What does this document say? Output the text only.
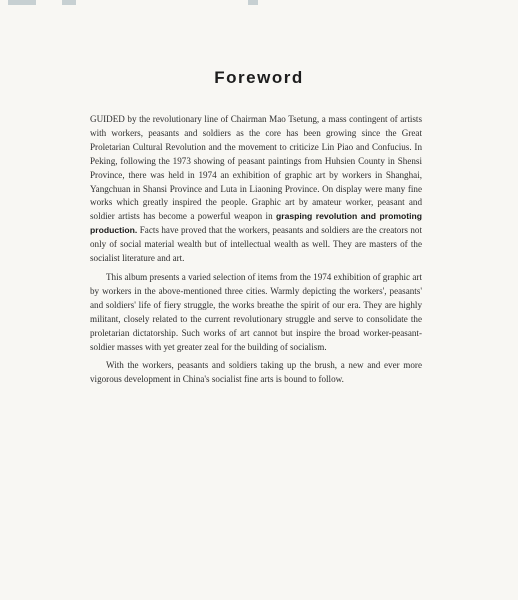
Foreword

GUIDED by the revolutionary line of Chairman Mao Tsetung, a mass contingent of artists with workers, peasants and soldiers as the core has been growing since the Great Proletarian Cultural Revolution and the movement to criticize Lin Piao and Confucius. In Peking, following the 1973 showing of peasant paintings from Huhsien County in Shensi Province, there was held in 1974 an exhibition of graphic art by workers in Shanghai, Yangchuan in Shansi Province and Luta in Liaoning Province. On display were many fine works which greatly inspired the people. Graphic art by amateur worker, peasant and soldier artists has become a powerful weapon in grasping revolution and promoting production. Facts have proved that the workers, peasants and soldiers are the creators not only of social material wealth but of intellectual wealth as well. They are masters of the socialist literature and art.

This album presents a varied selection of items from the 1974 exhibition of graphic art by workers in the above-mentioned three cities. Warmly depicting the workers', peasants' and soldiers' life of fiery struggle, the works breathe the spirit of our era. They are highly militant, closely related to the current revolutionary struggle and serve to consolidate the proletarian dictatorship. Such works of art cannot but inspire the broad worker-peasant-soldier masses with yet greater zeal for the building of socialism.

With the workers, peasants and soldiers taking up the brush, a new and ever more vigorous development in China's socialist fine arts is bound to follow.
